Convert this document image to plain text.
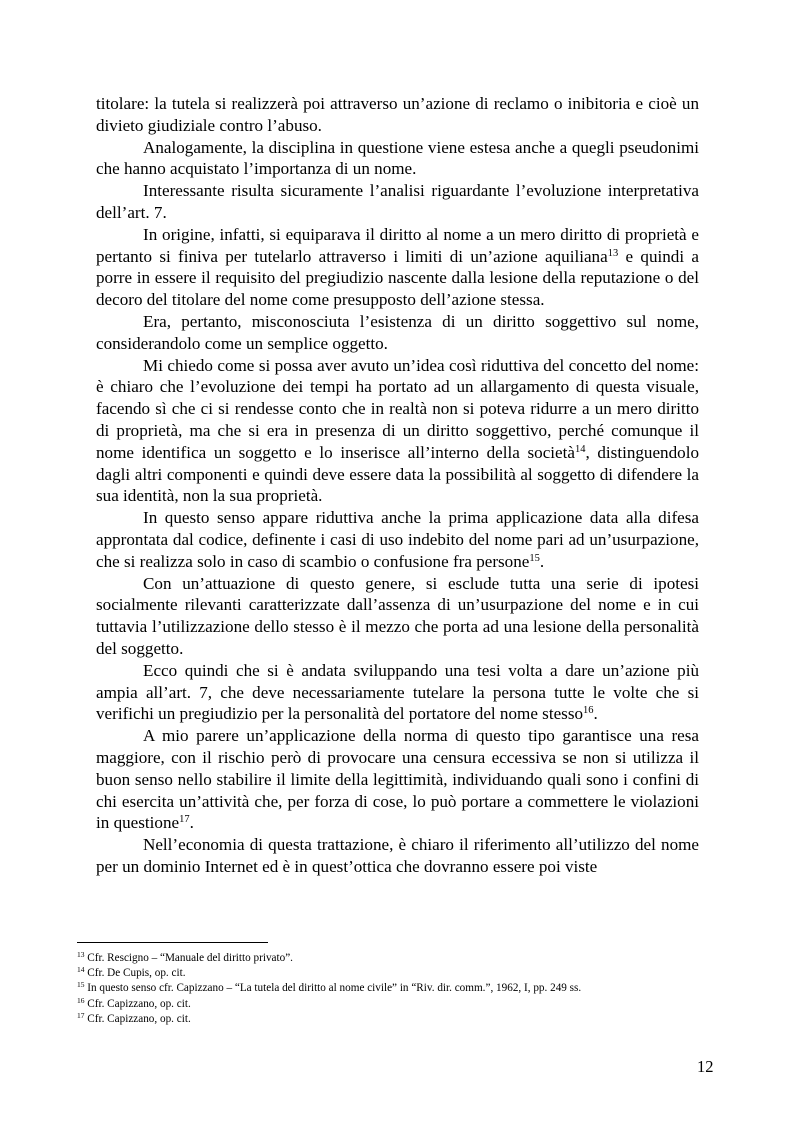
titolare: la tutela si realizzerà poi attraverso un’azione di reclamo o inibitoria e cioè un divieto giudiziale contro l’abuso.

Analogamente, la disciplina in questione viene estesa anche a quegli pseudonimi che hanno acquistato l’importanza di un nome.

Interessante risulta sicuramente l’analisi riguardante l’evoluzione interpretativa dell’art. 7.

In origine, infatti, si equiparava il diritto al nome a un mero diritto di proprietà e pertanto si finiva per tutelarlo attraverso i limiti di un’azione aquiliana$^{13}$ e quindi a porre in essere il requisito del pregiudizio nascente dalla lesione della reputazione o del decoro del titolare del nome come presupposto dell’azione stessa.

Era, pertanto, misconosciuta l’esistenza di un diritto soggettivo sul nome, considerandolo come un semplice oggetto.

Mi chiedo come si possa aver avuto un’idea così riduttiva del concetto del nome: è chiaro che l’evoluzione dei tempi ha portato ad un allargamento di questa visuale, facendo sì che ci si rendesse conto che in realtà non si poteva ridurre a un mero diritto di proprietà, ma che si era in presenza di un diritto soggettivo, perché comunque il nome identifica un soggetto e lo inserisce all’interno della società$^{14}$, distinguendolo dagli altri componenti e quindi deve essere data la possibilità al soggetto di difendere la sua identità, non la sua proprietà.

In questo senso appare riduttiva anche la prima applicazione data alla difesa approntata dal codice, definente i casi di uso indebito del nome pari ad un’usurpazione, che si realizza solo in caso di scambio o confusione fra persone$^{15}$.

Con un’attuazione di questo genere, si esclude tutta una serie di ipotesi socialmente rilevanti caratterizzate dall’assenza di un’usurpazione del nome e in cui tuttavia l’utilizzazione dello stesso è il mezzo che porta ad una lesione della personalità del soggetto.

Ecco quindi che si è andata sviluppando una tesi volta a dare un’azione più ampia all’art. 7, che deve necessariamente tutelare la persona tutte le volte che si verifichi un pregiudizio per la personalità del portatore del nome stesso$^{16}$.

A mio parere un’applicazione della norma di questo tipo garantisce una resa maggiore, con il rischio però di provocare una censura eccessiva se non si utilizza il buon senso nello stabilire il limite della legittimità, individuando quali sono i confini di chi esercita un’attività che, per forza di cose, lo può portare a commettere le violazioni in questione$^{17}$.

Nell’economia di questa trattazione, è chiaro il riferimento all’utilizzo del nome per un dominio Internet ed è in quest’ottica che dovranno essere poi viste

$^{13}$ Cfr. Rescigno – “Manuale del diritto privato”.

$^{14}$ Cfr. De Cupis, op. cit.

$^{15}$ In questo senso cfr. Capizzano – “La tutela del diritto al nome civile” in “Riv. dir. comm.”, 1962, I, pp. 249 ss.

$^{16}$ Cfr. Capizzano, op. cit.

$^{17}$ Cfr. Capizzano, op. cit.

12
